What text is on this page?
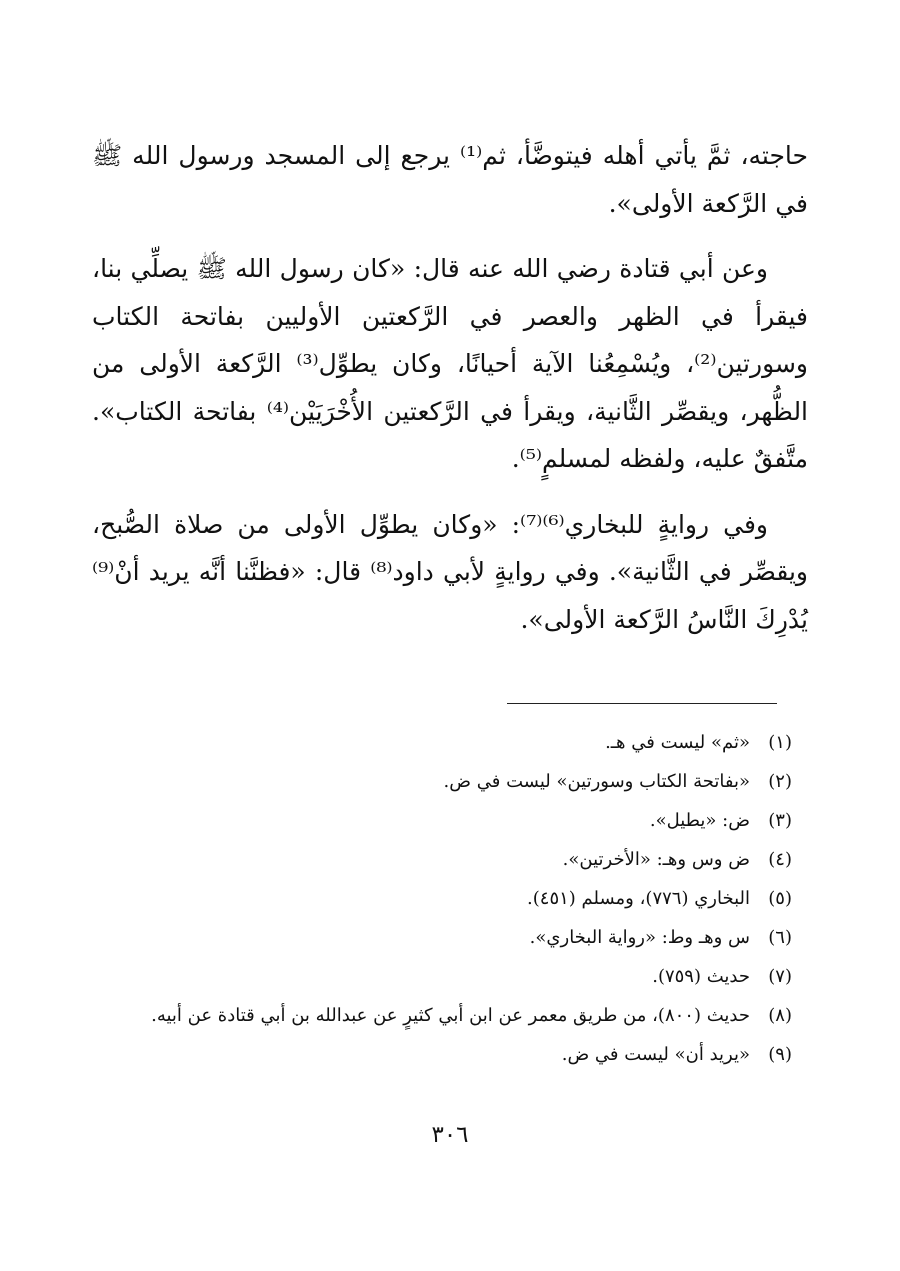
حاجته، ثمَّ يأتي أهله فيتوضَّأ، ثم⁽¹⁾ يرجع إلى المسجد ورسول الله ﷺ في الرَّكعة الأولى».

وعن أبي قتادة رضي الله عنه قال: «كان رسول الله ﷺ يصلِّي بنا، فيقرأ في الظهر والعصر في الرَّكعتين الأوليين بفاتحة الكتاب وسورتين⁽²⁾، ويُسْمِعُنا الآية أحيانًا، وكان يطوِّل⁽³⁾ الرَّكعة الأولى من الظُّهر، ويقصِّر الثَّانية، ويقرأ في الرَّكعتين الأُخْرَيَيْن⁽⁴⁾ بفاتحة الكتاب». متَّفقٌ عليه، ولفظه لمسلمٍ⁽⁵⁾.

وفي روايةٍ للبخاري⁽⁶⁾⁽⁷⁾: «وكان يطوِّل الأولى من صلاة الصُّبح، ويقصِّر في الثَّانية». وفي روايةٍ لأبي داود⁽⁸⁾ قال: «فظنَّنا أنَّه يريد أنْ⁽⁹⁾ يُدْرِكَ النَّاسُ الرَّكعة الأولى».

(١)
«ثم» ليست في هـ.
(٢)
«بفاتحة الكتاب وسورتين» ليست في ض.
(٣)
ض: «يطيل».
(٤)
ض وس وهـ: «الأخرتين».
(٥)
البخاري (٧٧٦)، ومسلم (٤٥١).
(٦)
س وهـ وط: «رواية البخاري».
(٧)
حديث (٧٥٩).
(٨)
حديث (٨٠٠)، من طريق معمر عن ابن أبي كثيرٍ عن عبدالله بن أبي قتادة عن أبيه.
(٩)
«يريد أن» ليست في ض.
٣٠٦
